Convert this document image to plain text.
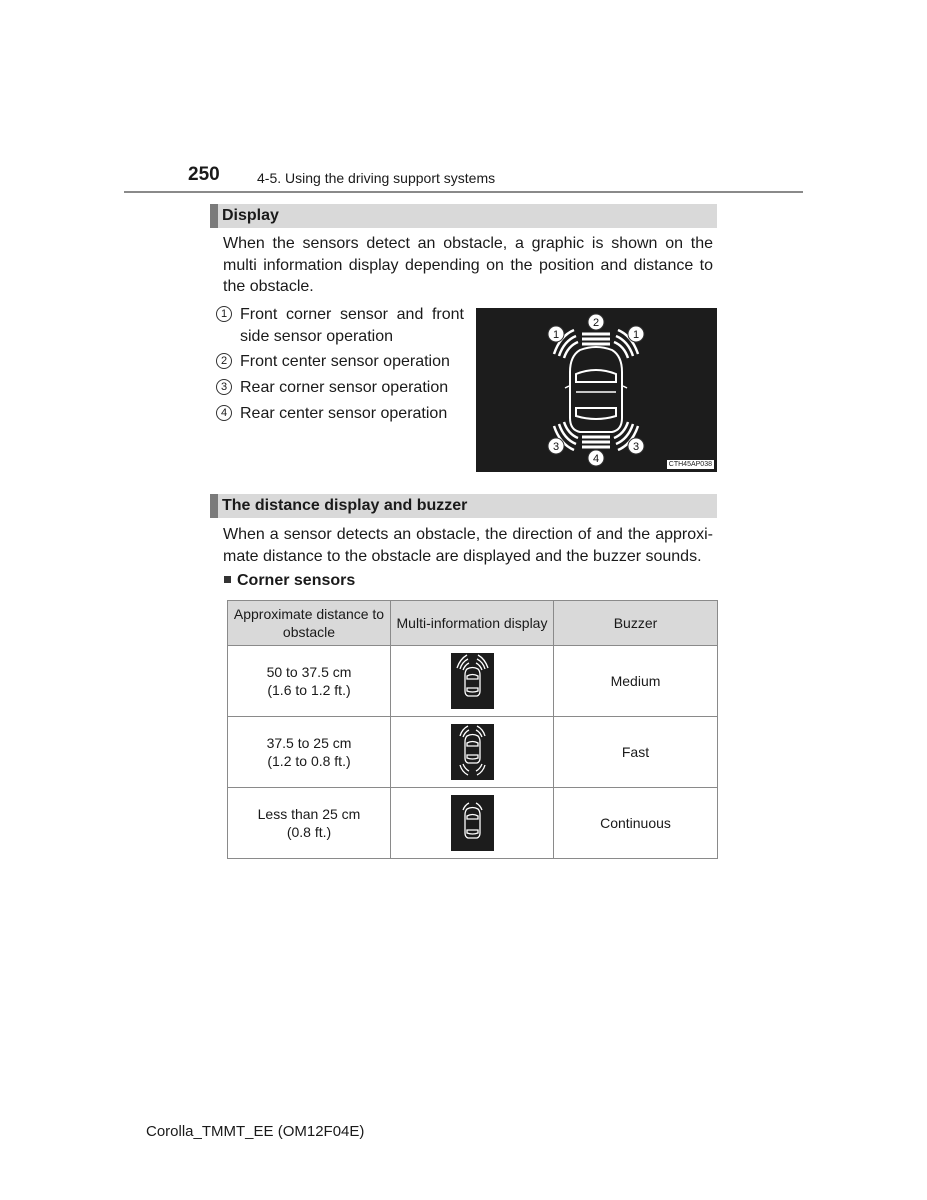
250	4-5. Using the driving support systems
Display
When the sensors detect an obstacle, a graphic is shown on the multi information display depending on the position and distance to the obstacle.
1 Front corner sensor and front side sensor operation
2 Front center sensor operation
3 Rear corner sensor operation
4 Rear center sensor operation
2
1	1
3
4
3
CTH45AP038
The distance display and buzzer
When a sensor detects an obstacle, the direction of and the approxi-mate distance to the obstacle are displayed and the buzzer sounds.
Corner sensors
Approximate distance to obstacle	Multi-information display	Buzzer
50 to 37.5 cm
(1.6 to 1.2 ft.)		Medium
37.5 to 25 cm
(1.2 to 0.8 ft.)		Fast
Less than 25 cm
(0.8 ft.)		Continuous
Corolla_TMMT_EE (OM12F04E)
